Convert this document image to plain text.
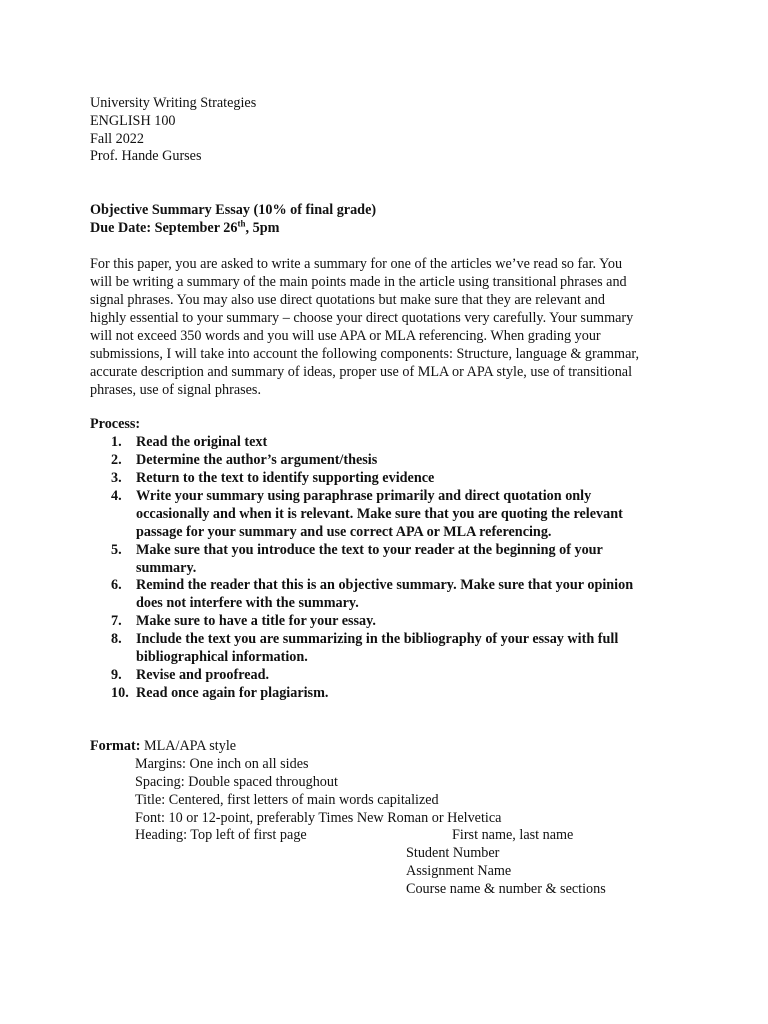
University Writing Strategies
ENGLISH 100
Fall 2022
Prof. Hande Gurses
Objective Summary Essay (10% of final grade)
Due Date: September 26th, 5pm
For this paper, you are asked to write a summary for one of the articles we’ve read so far. You
will be writing a summary of the main points made in the article using transitional phrases and
signal phrases. You may also use direct quotations but make sure that they are relevant and
highly essential to your summary – choose your direct quotations very carefully. Your summary
will not exceed 350 words and you will use APA or MLA referencing. When grading your
submissions, I will take into account the following components: Structure, language & grammar,
accurate description and summary of ideas, proper use of MLA or APA style, use of transitional
phrases, use of signal phrases.
Process:
1. Read the original text
2. Determine the author’s argument/thesis
3. Return to the text to identify supporting evidence
4. Write your summary using paraphrase primarily and direct quotation only
occasionally and when it is relevant. Make sure that you are quoting the relevant
passage for your summary and use correct APA or MLA referencing.
5. Make sure that you introduce the text to your reader at the beginning of your
summary.
6. Remind the reader that this is an objective summary. Make sure that your opinion
does not interfere with the summary.
7. Make sure to have a title for your essay.
8. Include the text you are summarizing in the bibliography of your essay with full
bibliographical information.
9. Revise and proofread.
10. Read once again for plagiarism.
Format: MLA/APA style
Margins: One inch on all sides
Spacing: Double spaced throughout
Title: Centered, first letters of main words capitalized
Font: 10 or 12-point, preferably Times New Roman or Helvetica
Heading: Top left of first page	First name, last name
Student Number
Assignment Name
Course name & number & sections
